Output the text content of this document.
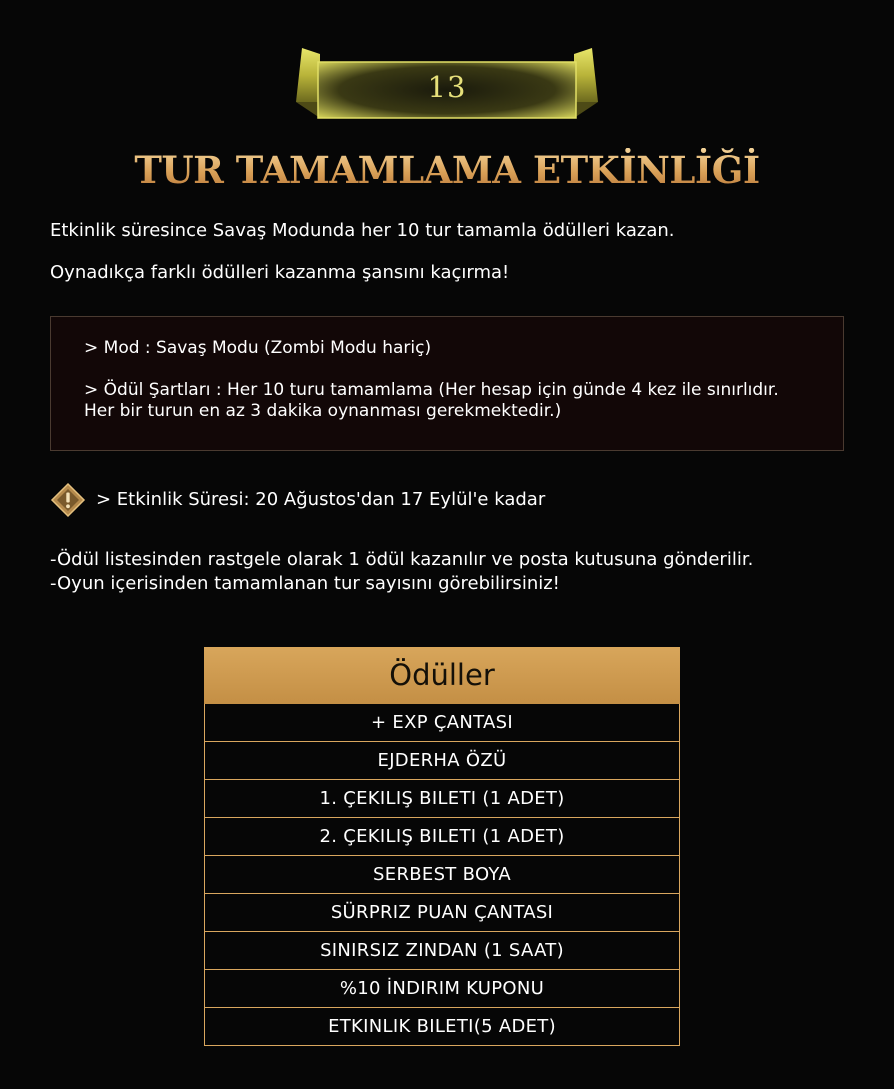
13
TUR TAMAMLAMA ETKİNLİĞİ
Etkinlik süresince Savaş Modunda her 10 tur tamamla ödülleri kazan.
Oynadıkça farklı ödülleri kazanma şansını kaçırma!
> Mod : Savaş Modu (Zombi Modu hariç)
> Ödül Şartları : Her 10 turu tamamlama (Her hesap için günde 4 kez ile sınırlıdır. Her bir turun en az 3 dakika oynanması gerekmektedir.)
> Etkinlik Süresi: 20 Ağustos'dan 17 Eylül'e kadar
-Ödül listesinden rastgele olarak 1 ödül kazanılır ve posta kutusuna gönderilir.
-Oyun içerisinden tamamlanan tur sayısını görebilirsiniz!
Ödüller
+ EXP ÇANTASI
EJDERHA ÖZÜ
1. ÇEKILIŞ BILETI (1 ADET)
2. ÇEKILIŞ BILETI (1 ADET)
SERBEST BOYA
SÜRPRIZ PUAN ÇANTASI
SINIRSIZ ZINDAN (1 SAAT)
%10 İNDIRIM KUPONU
ETKINLIK BILETI(5 ADET)
